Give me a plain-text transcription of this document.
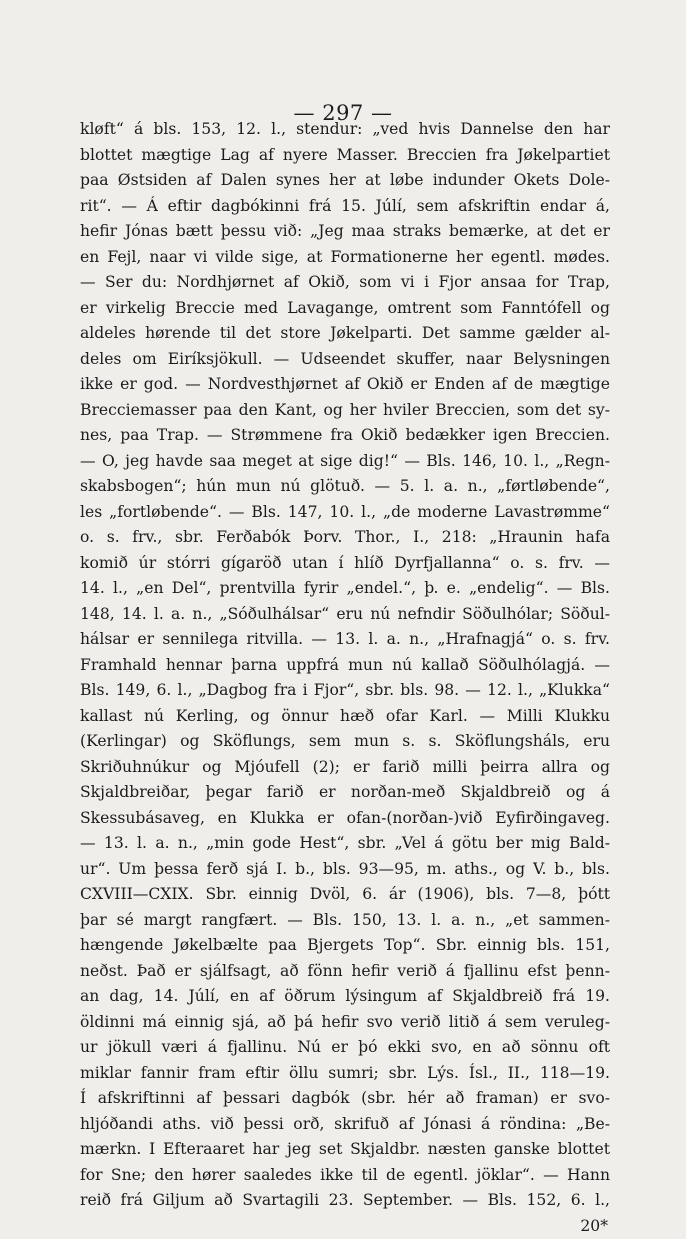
— 297 —
kløft“ á bls. 153, 12. l., stendur: „ved hvis Dannelse den har
blottet mægtige Lag af nyere Masser. Breccien fra Jøkelpartiet
paa Østsiden af Dalen synes her at løbe indunder Okets Dole-
rit“. — Á eftir dagbókinni frá 15. Júlí, sem afskriftin endar á,
hefir Jónas bætt þessu við: „Jeg maa straks bemærke, at det er
en Fejl, naar vi vilde sige, at Formationerne her egentl. mødes.
— Ser du: Nordhjørnet af Okið, som vi i Fjor ansaa for Trap,
er virkelig Breccie med Lavagange, omtrent som Fanntófell og
aldeles hørende til det store Jøkelparti. Det samme gælder al-
deles om Eiríksjökull. — Udseendet skuffer, naar Belysningen
ikke er god. — Nordvesthjørnet af Okið er Enden af de mægtige
Brecciemasser paa den Kant, og her hviler Breccien, som det sy-
nes, paa Trap. — Strømmene fra Okið bedækker igen Breccien.
— O, jeg havde saa meget at sige dig!“ — Bls. 146, 10. l., „Regn-
skabsbogen“; hún mun nú glötuð. — 5. l. a. n., „førtløbende“,
les „fortløbende“. — Bls. 147, 10. l., „de moderne Lavastrømme“
o. s. frv., sbr. Ferðabók Þorv. Thor., I., 218: „Hraunin hafa
komið úr stórri gígaröð utan í hlíð Dyrfjallanna“ o. s. frv. —
14. l., „en Del“, prentvilla fyrir „endel.“, þ. e. „endelig“. — Bls.
148, 14. l. a. n., „Sóðulhálsar“ eru nú nefndir Söðulhólar; Söðul-
hálsar er sennilega ritvilla. — 13. l. a. n., „Hrafnagjá“ o. s. frv.
Framhald hennar þarna uppfrá mun nú kallað Söðulhólagjá. —
Bls. 149, 6. l., „Dagbog fra i Fjor“, sbr. bls. 98. — 12. l., „Klukka“
kallast nú Kerling, og önnur hæð ofar Karl. — Milli Klukku
(Kerlingar) og Sköflungs, sem mun s. s. Sköflungsháls, eru
Skriðuhnúkur og Mjóufell (2); er farið milli þeirra allra og
Skjaldbreiðar, þegar farið er norðan-með Skjaldbreið og á
Skessubásaveg, en Klukka er ofan-(norðan-)við Eyfirðingaveg.
— 13. l. a. n., „min gode Hest“, sbr. „Vel á götu ber mig Bald-
ur“. Um þessa ferð sjá I. b., bls. 93—95, m. aths., og V. b., bls.
CXVIII—CXIX. Sbr. einnig Dvöl, 6. ár (1906), bls. 7—8, þótt
þar sé margt rangfært. — Bls. 150, 13. l. a. n., „et sammen-
hængende Jøkelbælte paa Bjergets Top“. Sbr. einnig bls. 151,
neðst. Það er sjálfsagt, að fönn hefir verið á fjallinu efst þenn-
an dag, 14. Júlí, en af öðrum lýsingum af Skjaldbreið frá 19.
öldinni má einnig sjá, að þá hefir svo verið litið á sem veruleg-
ur jökull væri á fjallinu. Nú er þó ekki svo, en að sönnu oft
miklar fannir fram eftir öllu sumri; sbr. Lýs. Ísl., II., 118—19.
Í afskriftinni af þessari dagbók (sbr. hér að framan) er svo-
hljóðandi aths. við þessi orð, skrifuð af Jónasi á röndina: „Be-
mærkn. I Efteraaret har jeg set Skjaldbr. næsten ganske blottet
for Sne; den hører saaledes ikke til de egentl. jöklar“. — Hann
reið frá Giljum að Svartagili 23. September. — Bls. 152, 6. l.,
20*
